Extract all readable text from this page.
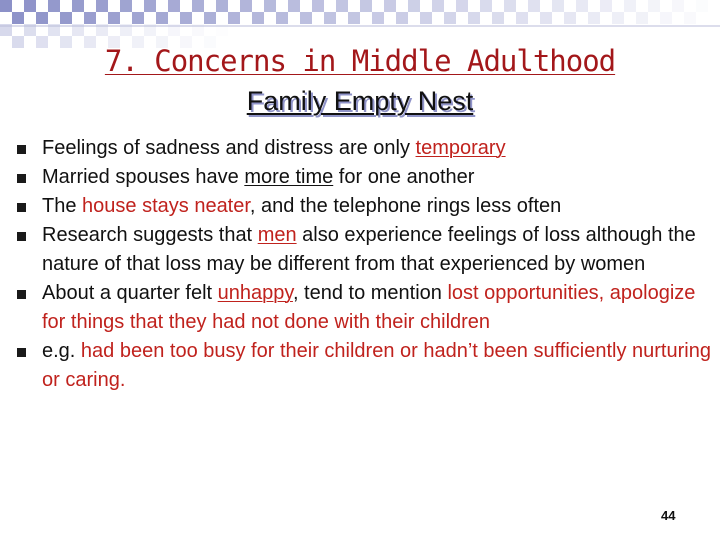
7. Concerns in Middle Adulthood
Family Empty Nest
Feelings of sadness and distress are only temporary
Married spouses have more time for one another
The house stays neater, and the telephone rings less often
Research suggests that men also experience feelings of loss although the nature of that loss may be different from that experienced by women
About a quarter felt unhappy, tend to mention lost opportunities, apologize for things that they had not done with their children
e.g. had been too busy for their children or hadn’t been sufficiently nurturing or caring.
44
